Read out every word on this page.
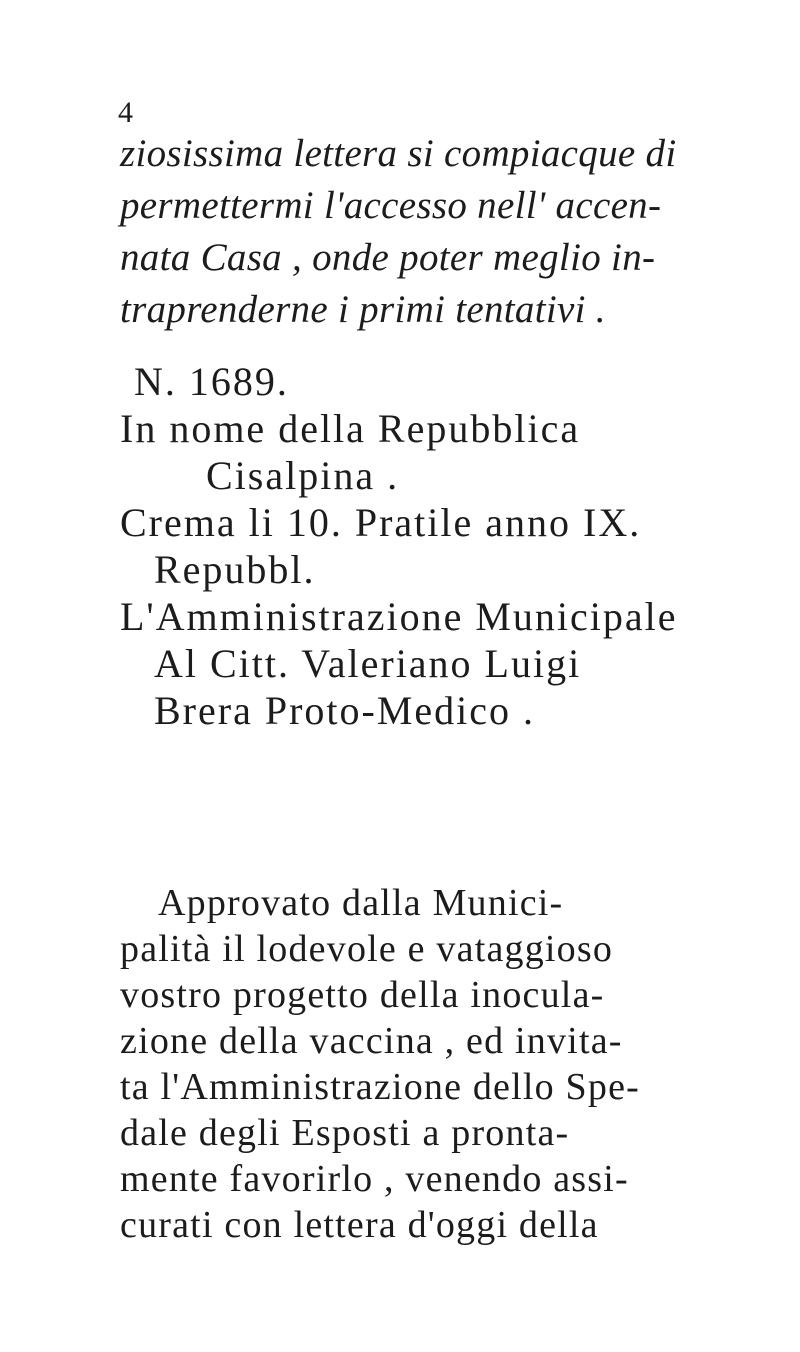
4
ziosissima lettera si compiacque di
permettermi l'accesso nell' accen-
nata Casa , onde poter meglio in-
traprenderne i primi tentativi .
N. 1689.
In nome della Repubblica
Cisalpina .
Crema li 10. Pratile anno IX.
Repubbl.
L'Amministrazione Municipale
Al Citt. Valeriano Luigi
Brera Proto-Medico .
Approvato dalla Munici-
palità il lodevole e vataggioso
vostro progetto della inocula-
zione della vaccina , ed invita-
ta l'Amministrazione dello Spe-
dale degli Esposti a pronta-
mente favorirlo , venendo assi-
curati con lettera d'oggi della
